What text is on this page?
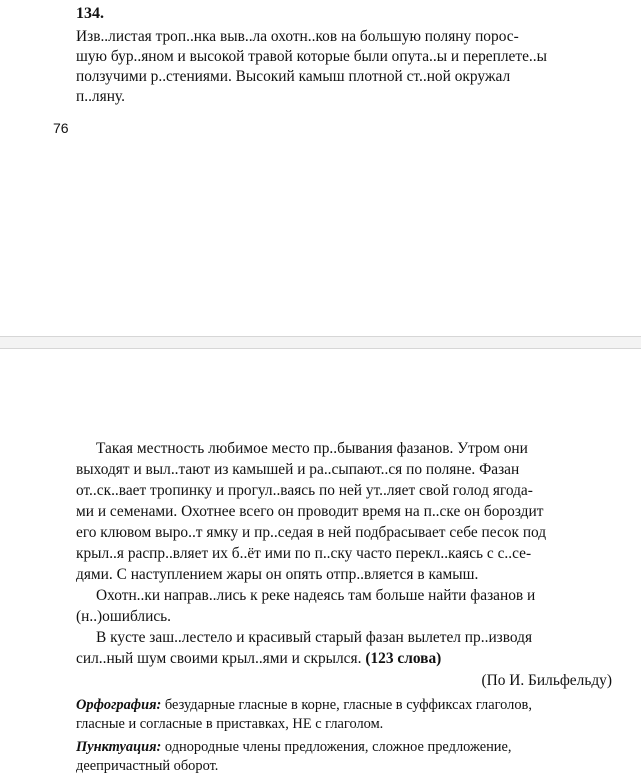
134.
Изв..листая троп..нка выв..ла охотн..ков на большую поляну порос-
шую бур..яном и высокой травой которые были опута..ы и переплете..ы
ползучими р..стениями. Высокий камыш плотной ст..ной окружал
п..ляну.
76
Такая местность любимое место пр..бывания фазанов. Утром они
выходят и выл..тают из камышей и ра..сыпают..ся по поляне. Фазан
от..ск..вает тропинку и прогул..ваясь по ней ут..ляет свой голод ягода-
ми и семенами. Охотнее всего он проводит время на п..ске он бороздит
его клювом выро..т ямку и пр..седая в ней подбрасывает себе песок под
крыл..я распр..вляет их б..ёт ими по п..ску часто перекл..каясь с с..се-
дями. С наступлением жары он опять отпр..вляется в камыш.
Охотн..ки направ..лись к реке надеясь там больше найти фазанов и
(н..)ошиблись.
В кусте заш..лестело и красивый старый фазан вылетел пр..изводя
сил..ный шум своими крыл..ями и скрылся. (123 слова)
(По И. Бильфельду)
Орфография: безударные гласные в корне, гласные в суффиксах глаголов,
гласные и согласные в приставках, НЕ с глаголом.
Пунктуация: однородные члены предложения, сложное предложение,
деепричастный оборот.
